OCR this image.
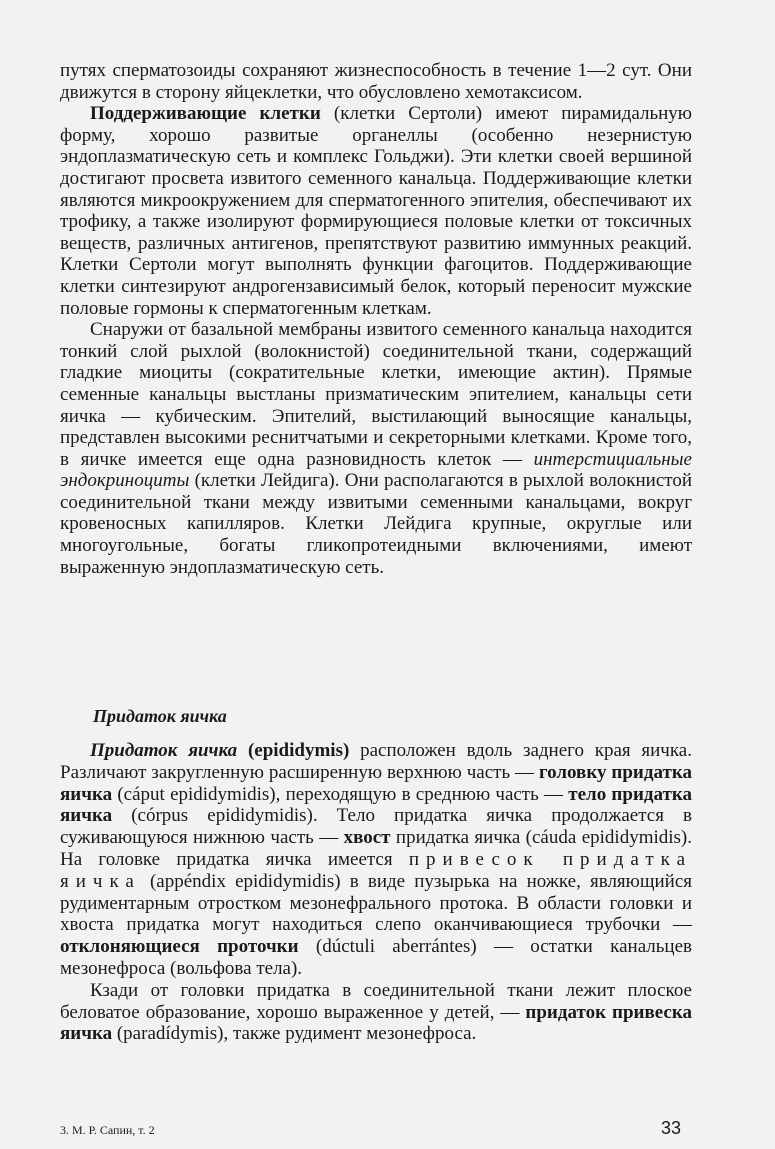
путях сперматозоиды сохраняют жизнеспособность в течение 1—2 сут. Они движутся в сторону яйцеклетки, что обусловлено хемотаксисом.

Поддерживающие клетки (клетки Сертоли) имеют пирамидальную форму, хорошо развитые органеллы (особенно незернистую эндоплазматическую сеть и комплекс Гольджи). Эти клетки своей вершиной достигают просвета извитого семенного канальца. Поддерживающие клетки являются микроокружением для сперматогенного эпителия, обеспечивают их трофику, а также изолируют формирующиеся половые клетки от токсичных веществ, различных антигенов, препятствуют развитию иммунных реакций. Клетки Сертоли могут выполнять функции фагоцитов. Поддерживающие клетки синтезируют андрогензависимый белок, который переносит мужские половые гормоны к сперматогенным клеткам.

Снаружи от базальной мембраны извитого семенного канальца находится тонкий слой рыхлой (волокнистой) соединительной ткани, содержащий гладкие миоциты (сократительные клетки, имеющие актин). Прямые семенные канальцы выстланы призматическим эпителием, канальцы сети яичка — кубическим. Эпителий, выстилающий выносящие канальцы, представлен высокими реснитчатыми и секреторными клетками. Кроме того, в яичке имеется еще одна разновидность клеток — интерстициальные эндокриноциты (клетки Лейдига). Они располагаются в рыхлой волокнистой соединительной ткани между извитыми семенными канальцами, вокруг кровеносных капилляров. Клетки Лейдига крупные, округлые или многоугольные, богаты гликопротеидными включениями, имеют выраженную эндоплазматическую сеть.

Придаток яичка

Придаток яичка (epididymis) расположен вдоль заднего края яичка. Различают закругленную расширенную верхнюю часть — головку придатка яичка (cáput epididymidis), переходящую в среднюю часть — тело придатка яичка (córpus epididymidis). Тело придатка яичка продолжается в суживающуюся нижнюю часть — хвост придатка яичка (cáuda epididymidis). На головке придатка яичка имеется привесок придатка яичка (appéndix epididymidis) в виде пузырька на ножке, являющийся рудиментарным отростком мезонефрального протока. В области головки и хвоста придатка могут находиться слепо оканчивающиеся трубочки — отклоняющиеся проточки (dúctuli aberrántes) — остатки канальцев мезонефроса (вольфова тела).

Кзади от головки придатка в соединительной ткани лежит плоское беловатое образование, хорошо выраженное у детей, — придаток привеска яичка (paradídymis), также рудимент мезонефроса.

3. М. Р. Сапин, т. 2	33
